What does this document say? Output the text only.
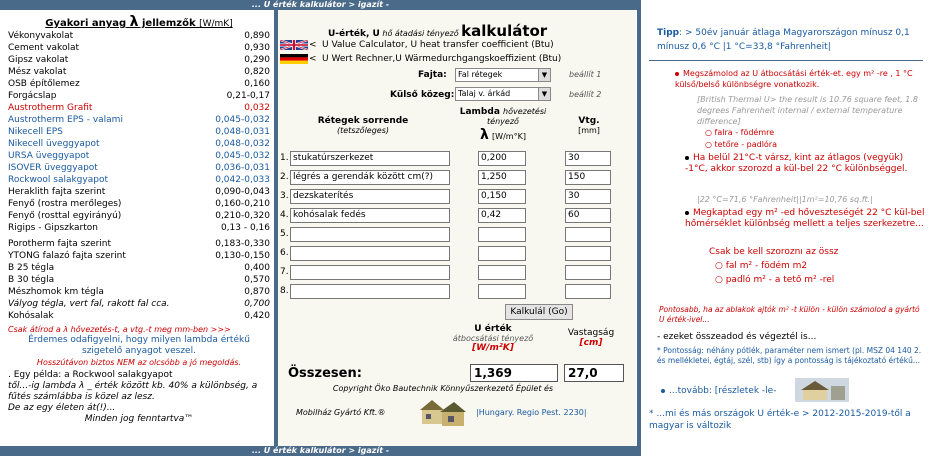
... U érték kalkulátor > igazít -
... U érték kalkulátor > igazít -
Gyakori anyag λ jellemzők [W/mK]
Vékonyvakolat	0,890
Cement vakolat	0,930
Gipsz vakolat	0,290
Mész vakolat	0,820
OSB építőlemez	0,160
Forgácslap	0,21-0,17
Austrotherm Grafit	0,032
Austrotherm EPS - valami	0,045-0,032
Nikecell EPS	0,048-0,031
Nikecell üveggyapot	0,048-0,032
URSA üveggyapot	0,045-0,032
ISOVER üveggyapot	0,036-0,031
Rockwool salakgyapot	0,042-0,033
Heraklith fajta szerint	0,090-0,043
Fenyő (rostra merőleges)	0,160-0,210
Fenyő (rosttal egyirányú)	0,210-0,320
Rigips - Gipszkarton	0,13 - 0,16
Porotherm fajta szerint	0,183-0,330
YTONG falazó fajta szerint	0,130-0,150
B 25 tégla	0,400
B 30 tégla	0,570
Mészhomok km tégla	0,870
Vályog tégla, vert fal, rakott fal cca.	0,700
Kohósalak	0,420
Csak átírod a λ hővezetés-t, a vtg.-t meg mm-ben >>>
Érdemes odafigyelni, hogy milyen lambda értékű szigetelő anyagot veszel.
Hosszútávon biztos NEM az olcsóbb a jó megoldás.
. Egy példa: a Rockwool salakgyapot
től...-ig lambda λ _ érték között kb. 40% a különbség, a fűtés számlábba is közel az lesz.
De az egy életen át(!)...
Minden jog fenntartva™
U-érték, U hő átadási tényező kalkulátor
< U Value Calculator, U heat transfer coefficient (Btu)
< U Wert Rechner,U Wärmedurchgangskoeffizient (Btu)
Fajta:	Fal rétegek	▼	beállít 1
Külső közeg: Talaj v. árkád	▼	beállít 2
Rétegek sorrende
(tetszőleges)
Lambda hővezetési tényező
λ [W/m°K]
Vtg.
[mm]
1. stukatúrszerkezet	0,200	30
2. légrés a gerendák között cm(?)	1,250	150
3. dezskaterítés	0,150	30
4. kohósalak fedés	0,42	60
5.
6.
7.
8.
Kalkulál (Go)
U érték
átbocsátási tényező
[W/m²K]
Vastagság
[cm]
Összesen:	1,369	27,0
Copyright Öko Bautechnik Könnyűszerkezető Épület és
Mobilház Gyártó Kft.®	|Hungary. Regio Pest. 2230|
Tipp: > 50év január átlaga Magyarországon mínusz 0,1 mínusz 0,6 °C |1 °C=33,8 °Fahrenheit|
Megszámolod az U átbocsátási érték-et. egy m² -re , 1 °C külső/belső különbségre vonatkozik.
[British Thermal U> the result is 10.76 square feet, 1.8 degrees Fahrenheit internal / external temperature difference]
○ falra - födémre
○ tetőre - padlóra
Ha belül 21°C-t vársz, kint az átlagos (vegyük) -1°C, akkor szorozd a kül-bel 22 °C különbséggel.
|22 °C=71,6 °Fahrenheit||1m²=10,76 sq.ft.|
Megkaptad egy m² -ed hőveszteségét 22 °C kül-bel hőmérséklet különbség mellett a teljes szerkezetre...
Csak be kell szoroznı az össz
○ fal m² - födém m2
○ padló m² - a tető m² -rel
Pontosabb, ha az ablakok ajtók m² -t külön - külön számolod a gyártó U érték-ivel...
- ezeket összeadod és végeztél is...
* Pontosság: néhány pótlék, paraméter nem ismert (pl. MSZ 04 140 2. és mellékletei, égtáj, szél, stb) így a pontosság is tájékoztató értékű...
...tovább: [részletek -le-
* ...mi és más országok U érték-e > 2012-2015-2019-től a magyar is változik
